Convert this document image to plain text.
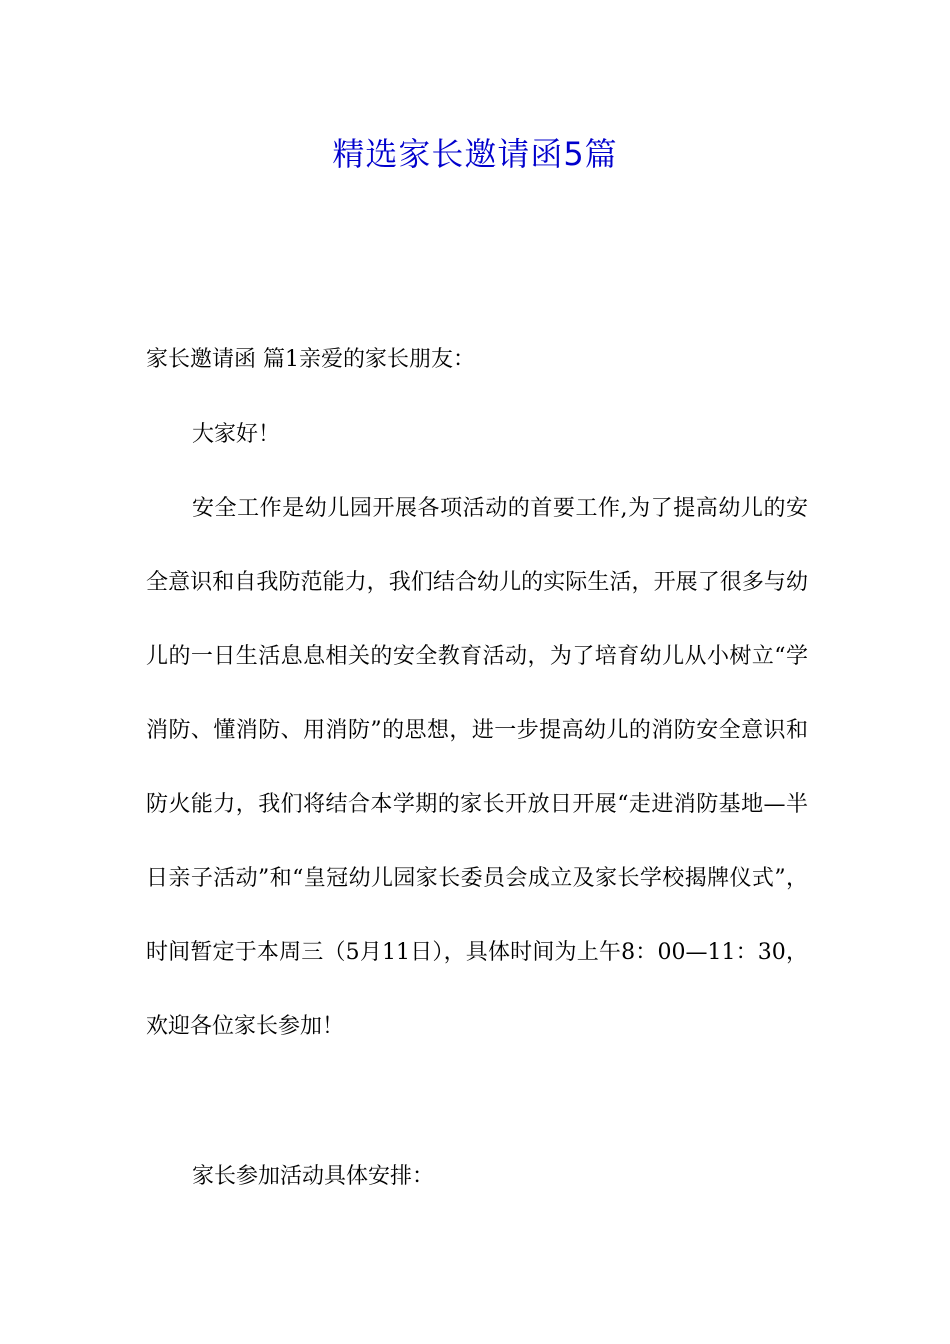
精选家长邀请函5篇
家长邀请函 篇1亲爱的家长朋友：
大家好！
安全工作是幼儿园开展各项活动的首要工作,为了提高幼儿的安全意识和自我防范能力，我们结合幼儿的实际生活，开展了很多与幼儿的一日生活息息相关的安全教育活动，为了培育幼儿从小树立“学消防、懂消防、用消防”的思想，进一步提高幼儿的消防安全意识和防火能力，我们将结合本学期的家长开放日开展“走进消防基地—半日亲子活动”和“皇冠幼儿园家长委员会成立及家长学校揭牌仪式”，时间暂定于本周三（5月11日），具体时间为上午8：00—11：30，欢迎各位家长参加！
家长参加活动具体安排：
